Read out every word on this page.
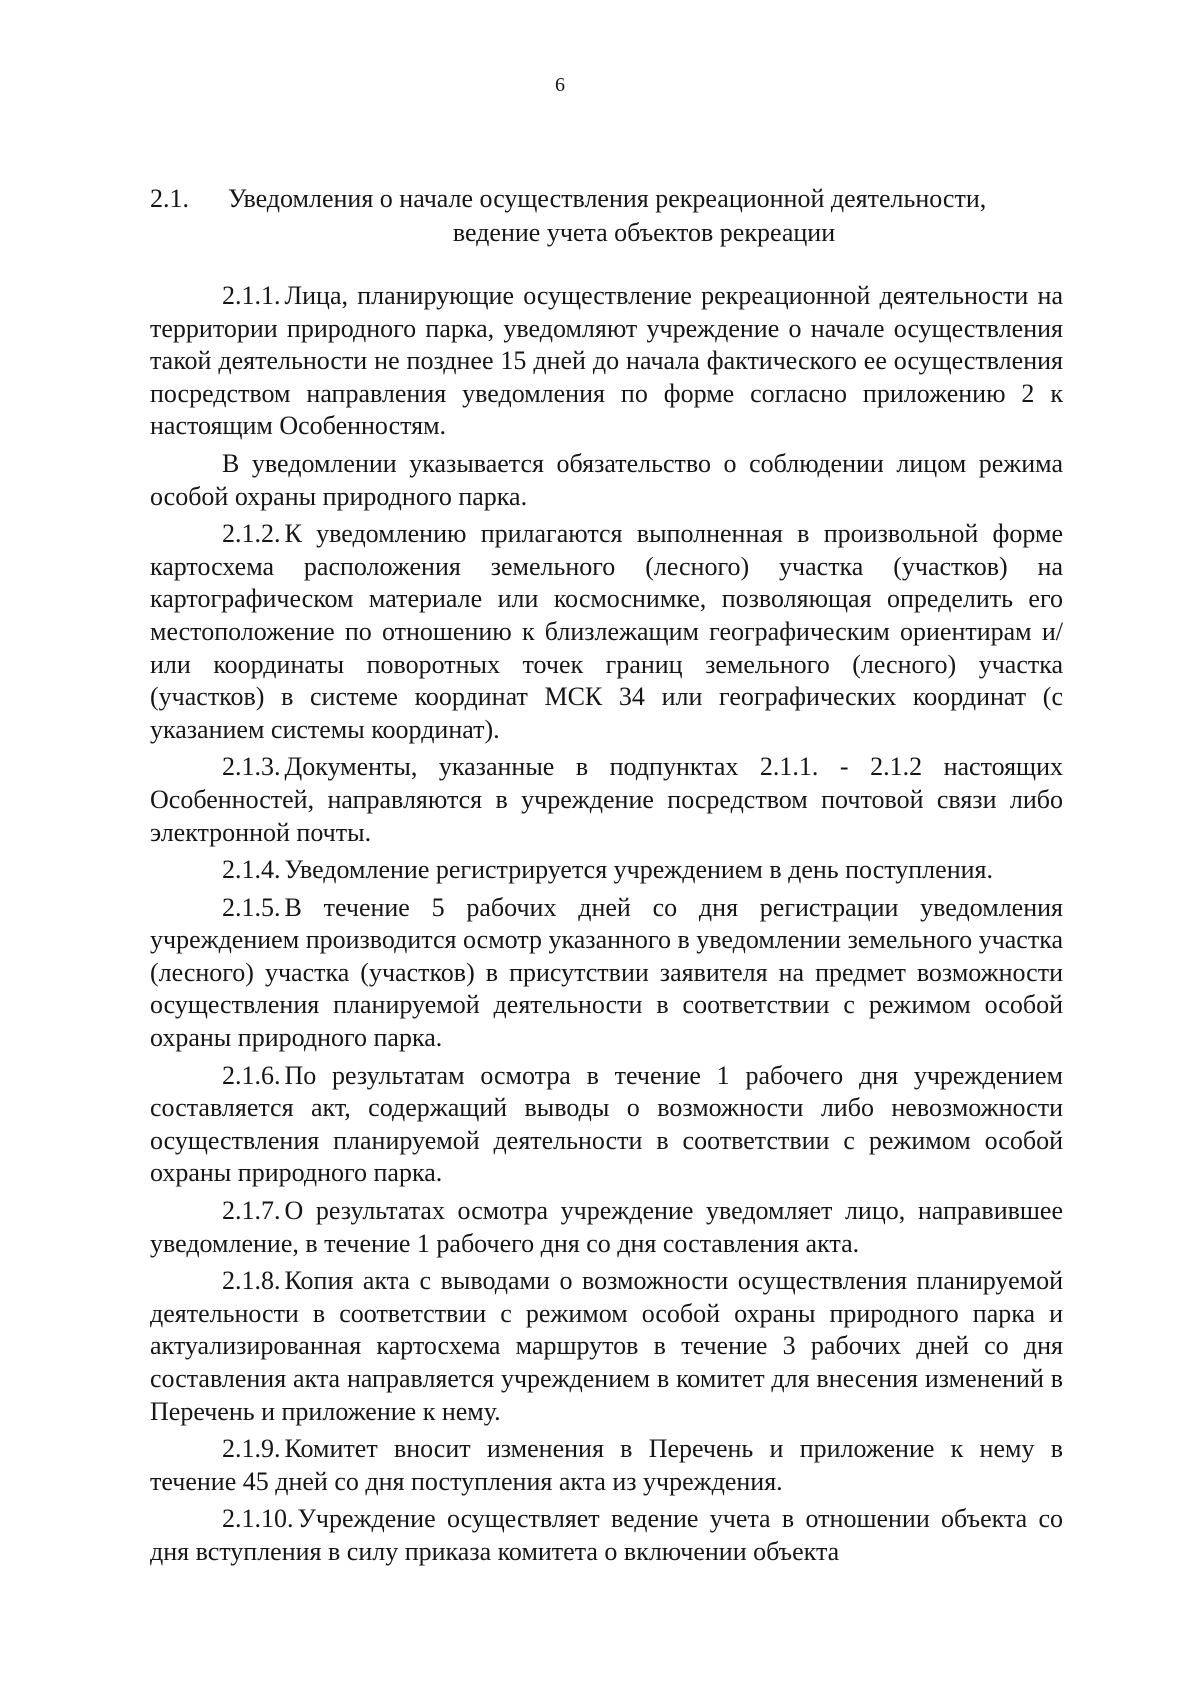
6
2.1.	Уведомления о начале осуществления рекреационной деятельности,
ведение учета объектов рекреации

2.1.1. Лица, планирующие осуществление рекреационной деятельности на территории природного парка, уведомляют учреждение о начале осуществления такой деятельности не позднее 15 дней до начала фактического ее осуществления посредством направления уведомления по форме согласно приложению 2 к настоящим Особенностям.

В уведомлении указывается обязательство о соблюдении лицом режима особой охраны природного парка.

2.1.2. К уведомлению прилагаются выполненная в произвольной форме картосхема расположения земельного (лесного) участка (участков) на картографическом материале или космоснимке, позволяющая определить его местоположение по отношению к близлежащим географическим ориентирам и/или координаты поворотных точек границ земельного (лесного) участка (участков) в системе координат МСК 34 или географических координат (с указанием системы координат).

2.1.3. Документы, указанные в подпунктах 2.1.1. - 2.1.2 настоящих Особенностей, направляются в учреждение посредством почтовой связи либо электронной почты.

2.1.4. Уведомление регистрируется учреждением в день поступления.

2.1.5. В течение 5 рабочих дней со дня регистрации уведомления учреждением производится осмотр указанного в уведомлении земельного участка (лесного) участка (участков) в присутствии заявителя на предмет возможности осуществления планируемой деятельности в соответствии с режимом особой охраны природного парка.

2.1.6. По результатам осмотра в течение 1 рабочего дня учреждением составляется акт, содержащий выводы о возможности либо невозможности осуществления планируемой деятельности в соответствии с режимом особой охраны природного парка.

2.1.7. О результатах осмотра учреждение уведомляет лицо, направившее уведомление, в течение 1 рабочего дня со дня составления акта.

2.1.8. Копия акта с выводами о возможности осуществления планируемой деятельности в соответствии с режимом особой охраны природного парка и актуализированная картосхема маршрутов в течение 3 рабочих дней со дня составления акта направляется учреждением в комитет для внесения изменений в Перечень и приложение к нему.

2.1.9. Комитет вносит изменения в Перечень и приложение к нему в течение 45 дней со дня поступления акта из учреждения.

2.1.10. Учреждение осуществляет ведение учета в отношении объекта со дня вступления в силу приказа комитета о включении объекта
